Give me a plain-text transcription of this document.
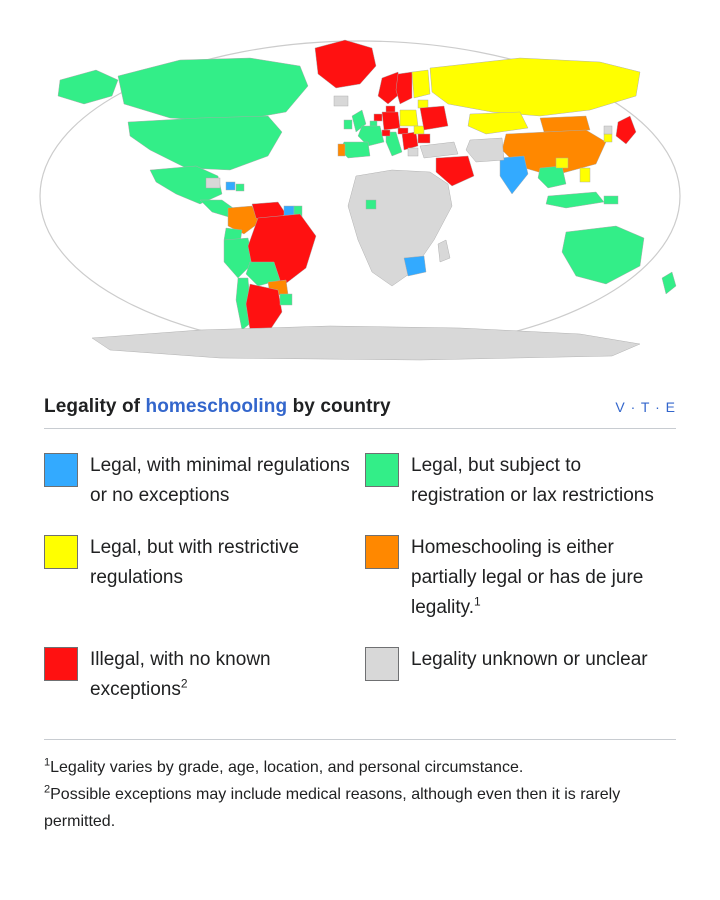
Legality of homeschooling by country	V · T · E
Legal, with minimal regulations or no exceptions
Legal, but subject to registration or lax restrictions
Legal, but with restrictive regulations
Homeschooling is either partially legal or has de jure legality.$^1$
Illegal, with no known exceptions$^2$
Legality unknown or unclear
$^1$Legality varies by grade, age, location, and personal circumstance.
$^2$Possible exceptions may include medical reasons, although even then it is rarely permitted.
